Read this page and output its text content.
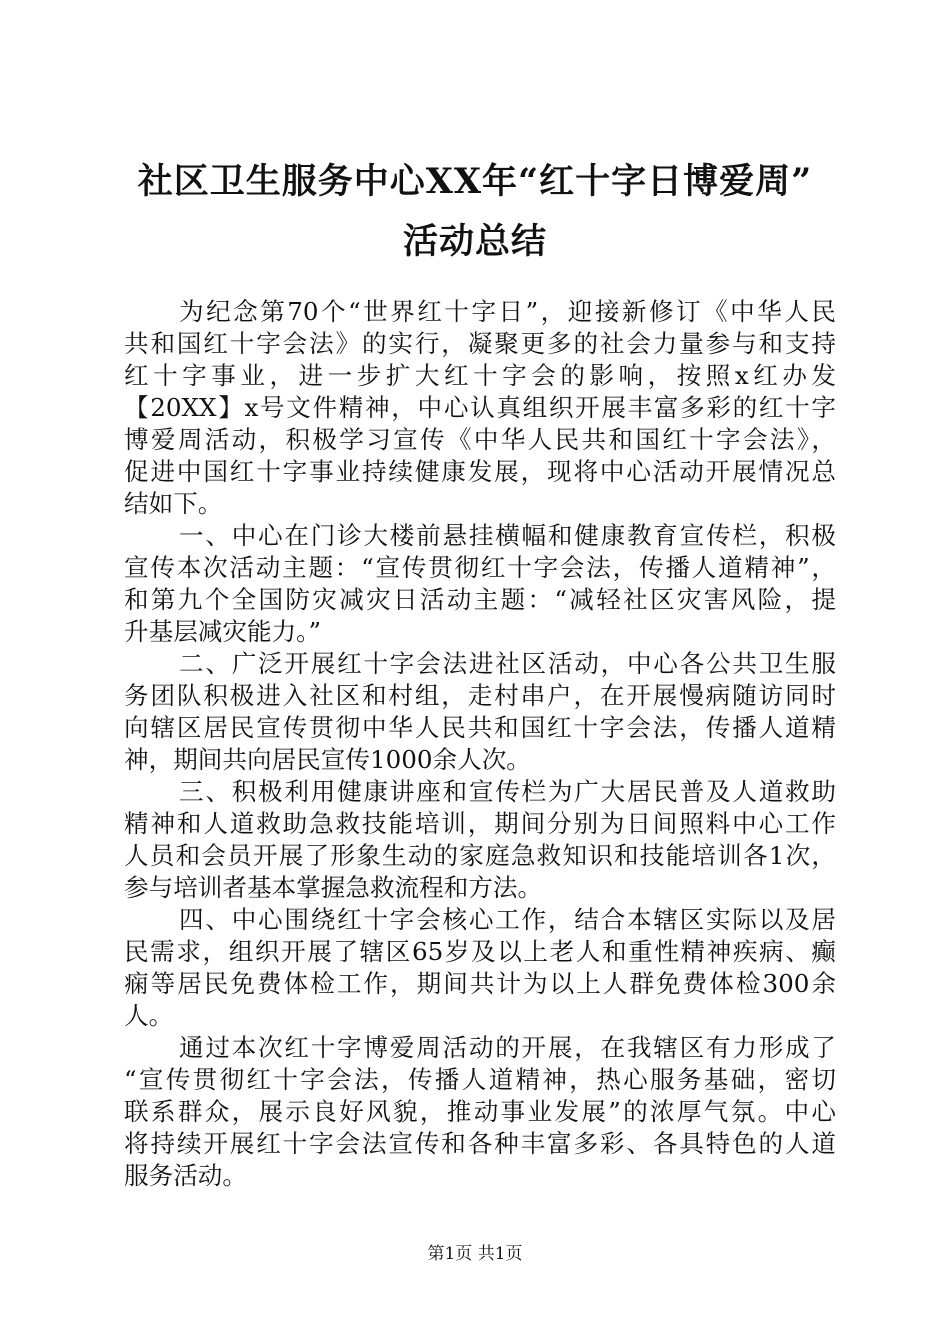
社区卫生服务中心XX年“红十字日博爱周”
活动总结
为纪念第70个“世界红十字日”，迎接新修订《中华人民
共和国红十字会法》的实行，凝聚更多的社会力量参与和支持
红十字事业，进一步扩大红十字会的影响，按照x红办发
【20XX】x号文件精神，中心认真组织开展丰富多彩的红十字
博爱周活动，积极学习宣传《中华人民共和国红十字会法》，
促进中国红十字事业持续健康发展，现将中心活动开展情况总
结如下。
一、中心在门诊大楼前悬挂横幅和健康教育宣传栏，积极
宣传本次活动主题：“宣传贯彻红十字会法，传播人道精神”，
和第九个全国防灾减灾日活动主题：“减轻社区灾害风险，提
升基层减灾能力。”
二、广泛开展红十字会法进社区活动，中心各公共卫生服
务团队积极进入社区和村组，走村串户，在开展慢病随访同时
向辖区居民宣传贯彻中华人民共和国红十字会法，传播人道精
神，期间共向居民宣传1000余人次。
三、积极利用健康讲座和宣传栏为广大居民普及人道救助
精神和人道救助急救技能培训，期间分别为日间照料中心工作
人员和会员开展了形象生动的家庭急救知识和技能培训各1次，
参与培训者基本掌握急救流程和方法。
四、中心围绕红十字会核心工作，结合本辖区实际以及居
民需求，组织开展了辖区65岁及以上老人和重性精神疾病、癫
痫等居民免费体检工作，期间共计为以上人群免费体检300余
人。
通过本次红十字博爱周活动的开展，在我辖区有力形成了
“宣传贯彻红十字会法，传播人道精神，热心服务基础，密切
联系群众，展示良好风貌，推动事业发展”的浓厚气氛。中心
将持续开展红十字会法宣传和各种丰富多彩、各具特色的人道
服务活动。
第1页 共1页
